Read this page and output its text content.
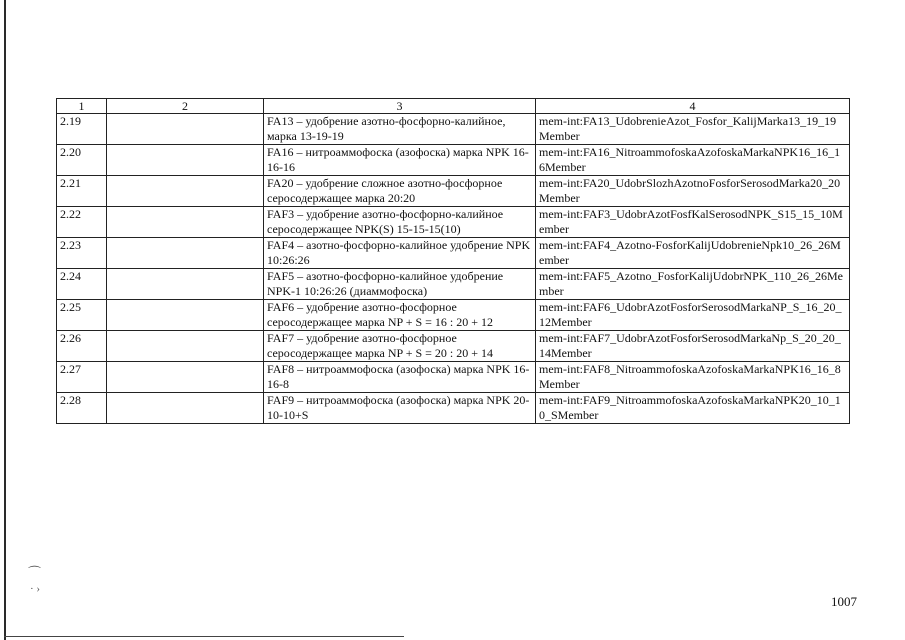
⌒
· ›
1	2	3	4
2.19		FA13 – удобрение азотно-фосфорно-калийное, марка 13-19-19	mem-int:FA13_UdobrenieAzot_Fosfor_KalijMarka13_19_19Member
2.20		FA16 – нитроаммофоска (азофоска) марка NPK 16-16-16	mem-int:FA16_NitroammofoskaAzofoskaMarkaNPK16_16_16Member
2.21		FA20 – удобрение сложное азотно-фосфорное серосодержащее марка 20:20	mem-int:FA20_UdobrSlozhAzotnoFosforSerosodMarka20_20Member
2.22		FAF3 – удобрение азотно-фосфорно-калийное серосодержащее NPK(S) 15-15-15(10)	mem-int:FAF3_UdobrAzotFosfKalSerosodNPK_S15_15_10Member
2.23		FAF4 – азотно-фосфорно-калийное удобрение NPK 10:26:26	mem-int:FAF4_Azotno-FosforKalijUdobrenieNpk10_26_26Member
2.24		FAF5 – азотно-фосфорно-калийное удобрение NPK-1 10:26:26 (диаммофоска)	mem-int:FAF5_Azotno_FosforKalijUdobrNPK_110_26_26Member
2.25		FAF6 – удобрение азотно-фосфорное серосодержащее марка NP + S = 16 : 20 + 12	mem-int:FAF6_UdobrAzotFosforSerosodMarkaNP_S_16_20_12Member
2.26		FAF7 – удобрение азотно-фосфорное серосодержащее марка NP + S = 20 : 20 + 14	mem-int:FAF7_UdobrAzotFosforSerosodMarkaNp_S_20_20_14Member
2.27		FAF8 – нитроаммофоска (азофоска) марка NPK 16-16-8	mem-int:FAF8_NitroammofoskaAzofoskaMarkaNPK16_16_8Member
2.28		FAF9 – нитроаммофоска (азофоска) марка NPK 20-10-10+S	mem-int:FAF9_NitroammofoskaAzofoskaMarkaNPK20_10_10_SMember
1007
